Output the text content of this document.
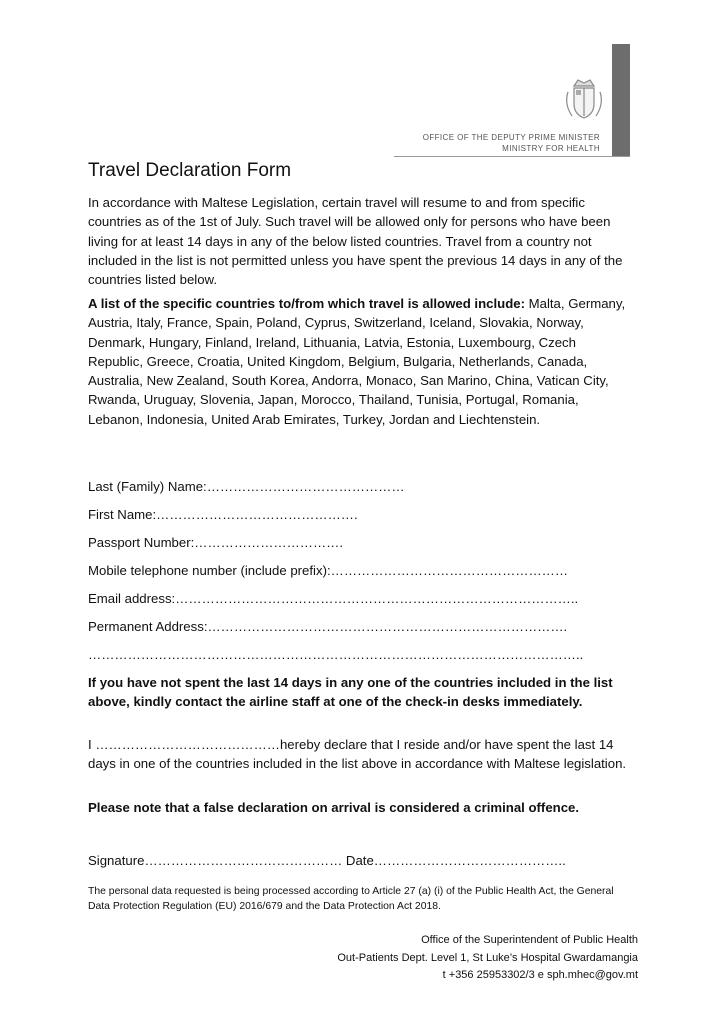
OFFICE OF THE DEPUTY PRIME MINISTER
MINISTRY FOR HEALTH
Travel Declaration Form

In accordance with Maltese Legislation, certain travel will resume to and from specific countries as of the 1st of July. Such travel will be allowed only for persons who have been living for at least 14 days in any of the below listed countries. Travel from a country not included in the list is not permitted unless you have spent the previous 14 days in any of the countries listed below.

A list of the specific countries to/from which travel is allowed include: Malta, Germany, Austria, Italy, France, Spain, Poland, Cyprus, Switzerland, Iceland, Slovakia, Norway, Denmark, Hungary, Finland, Ireland, Lithuania, Latvia, Estonia, Luxembourg, Czech Republic, Greece, Croatia, United Kingdom, Belgium, Bulgaria, Netherlands, Canada, Australia, New Zealand, South Korea, Andorra, Monaco, San Marino, China, Vatican City, Rwanda, Uruguay, Slovenia, Japan, Morocco, Thailand, Tunisia, Portugal, Romania, Lebanon, Indonesia, United Arab Emirates, Turkey, Jordan and Liechtenstein.

Last (Family) Name:………………………………………
First Name:……………………………………….
Passport Number:…………………………….
Mobile telephone number (include prefix):………………………………………………
Email address:………………………………………………………………………………..
Permanent Address:……………………………………………………………………….
…………………………………………………………………………………………………..

If you have not spent the last 14 days in any one of the countries included in the list above, kindly contact the airline staff at one of the check-in desks immediately.

I ……………………………………hereby declare that I reside and/or have spent the last 14 days in one of the countries included in the list above in accordance with Maltese legislation.

Please note that a false declaration on arrival is considered a criminal offence.
Signature……………………………………… Date……………………………………..

The personal data requested is being processed according to Article 27 (a) (i) of the Public Health Act, the General Data Protection Regulation (EU) 2016/679 and the Data Protection Act 2018.

Office of the Superintendent of Public Health
Out-Patients Dept. Level 1, St Luke’s Hospital Gwardamangia
t +356 25953302/3 e sph.mhec@gov.mt
